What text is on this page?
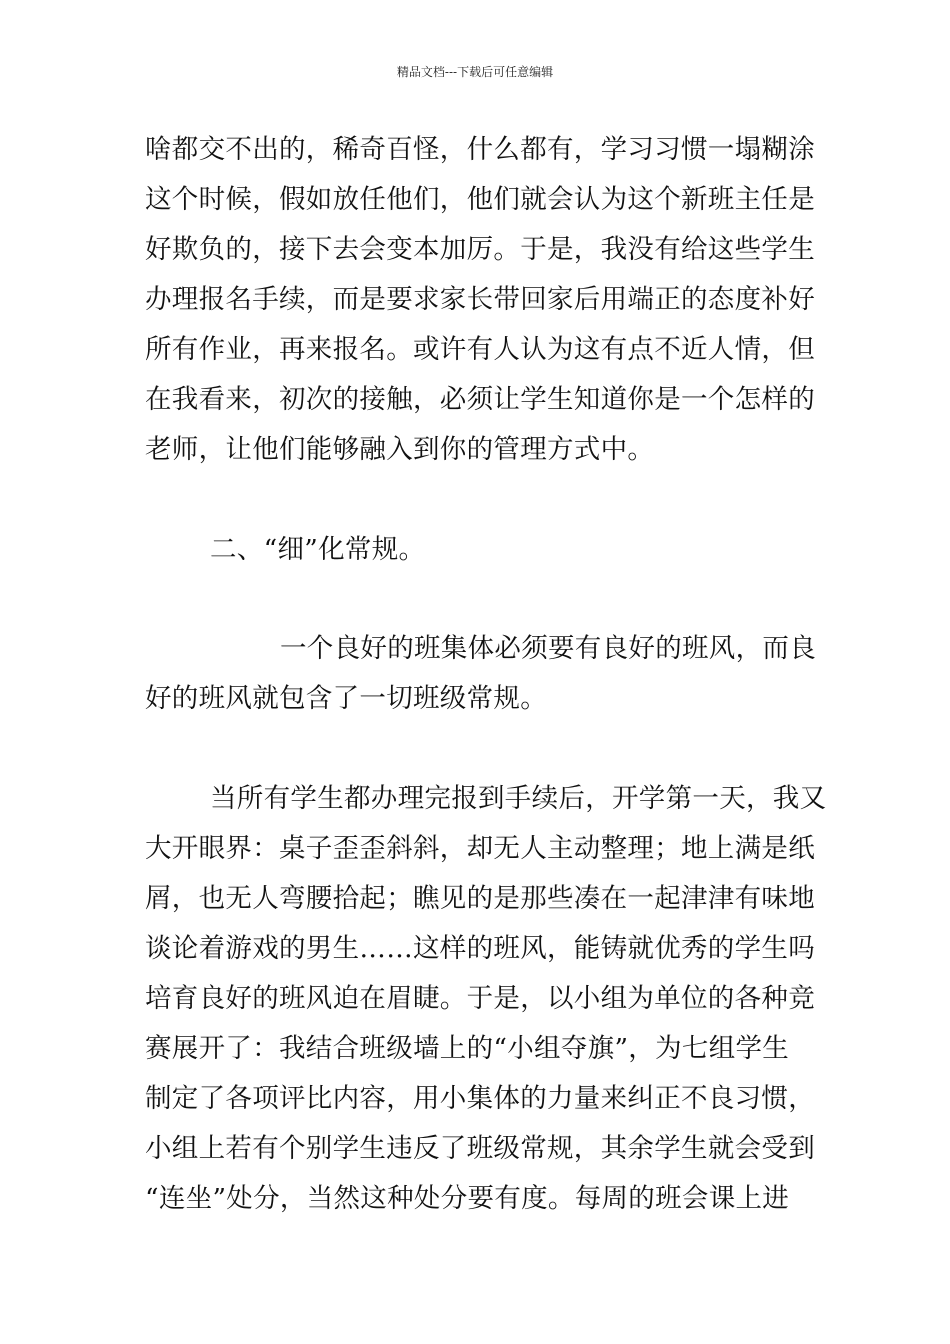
精品文档---下载后可任意编辑
啥都交不出的，稀奇百怪，什么都有，学习习惯一塌糊涂
这个时候，假如放任他们，他们就会认为这个新班主任是
好欺负的，接下去会变本加厉。于是，我没有给这些学生
办理报名手续，而是要求家长带回家后用端正的态度补好
所有作业，再来报名。或许有人认为这有点不近人情，但
在我看来，初次的接触，必须让学生知道你是一个怎样的
老师，让他们能够融入到你的管理方式中。
二、“细”化常规。
一个良好的班集体必须要有良好的班风，而良
好的班风就包含了一切班级常规。
当所有学生都办理完报到手续后，开学第一天，我又
大开眼界：桌子歪歪斜斜，却无人主动整理；地上满是纸
屑，也无人弯腰拾起；瞧见的是那些凑在一起津津有味地
谈论着游戏的男生……这样的班风，能铸就优秀的学生吗
培育良好的班风迫在眉睫。于是，以小组为单位的各种竞
赛展开了：我结合班级墙上的“小组夺旗”，为七组学生
制定了各项评比内容，用小集体的力量来纠正不良习惯，
小组上若有个别学生违反了班级常规，其余学生就会受到
“连坐”处分，当然这种处分要有度。每周的班会课上进
